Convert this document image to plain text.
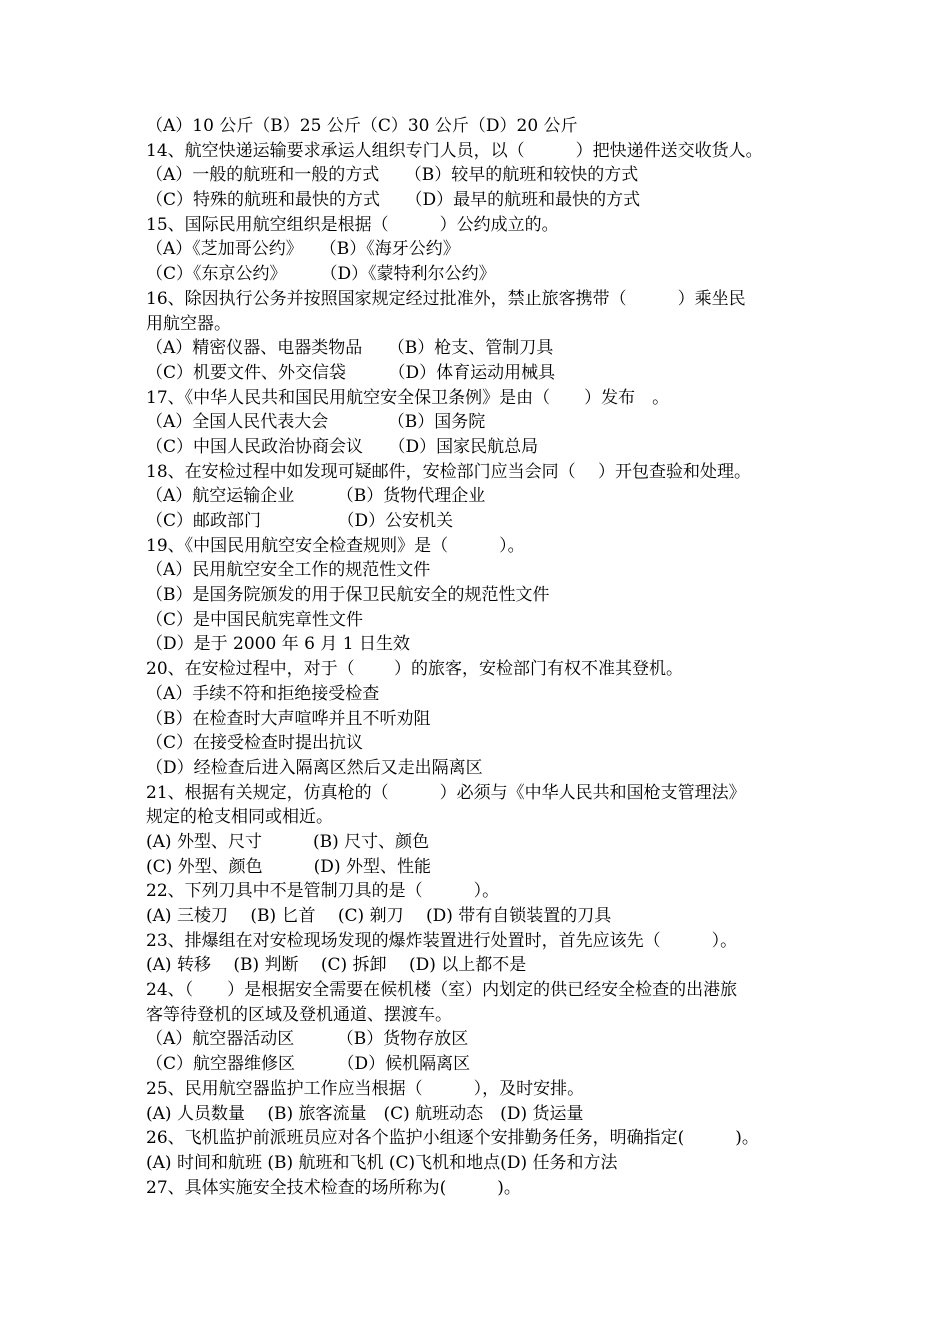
（A）10 公斤（B）25 公斤（C）30 公斤（D）20 公斤
14、航空快递运输要求承运人组织专门人员，以（　　　）把快递件送交收货人。
（A）一般的航班和一般的方式　　（B）较早的航班和较快的方式
（C）特殊的航班和最快的方式　　（D）最早的航班和最快的方式
15、国际民用航空组织是根据（　　　）公约成立的。
（A）《芝加哥公约》　　（B）《海牙公约》
（C）《东京公约》　　　（D）《蒙特利尔公约》
16、除因执行公务并按照国家规定经过批准外，禁止旅客携带（　　　）乘坐民
用航空器。
（A）精密仪器、电器类物品　　（B）枪支、管制刀具
（C）机要文件、外交信袋　　　（D）体育运动用械具
17、《中华人民共和国民用航空安全保卫条例》是由（　　）发布　。
（A）全国人民代表大会　　　　（B）国务院
（C）中国人民政治协商会议　　（D）国家民航总局
18、在安检过程中如发现可疑邮件，安检部门应当会同（　 ）开包查验和处理。
（A）航空运输企业　　　（B）货物代理企业
（C）邮政部门　　　　　（D）公安机关
19、《中国民用航空安全检查规则》是（　　　）。
（A）民用航空安全工作的规范性文件
（B）是国务院颁发的用于保卫民航安全的规范性文件
（C）是中国民航宪章性文件
（D）是于 2000 年 6 月 1 日生效
20、在安检过程中，对于（　　 ）的旅客，安检部门有权不准其登机。
（A）手续不符和拒绝接受检查
（B）在检查时大声喧哗并且不听劝阻
（C）在接受检查时提出抗议
（D）经检查后进入隔离区然后又走出隔离区
21、根据有关规定，仿真枪的（　　　）必须与《中华人民共和国枪支管理法》
规定的枪支相同或相近。
(A) 外型、尺寸　　　(B) 尺寸、颜色
(C) 外型、颜色　　　(D) 外型、性能
22、下列刀具中不是管制刀具的是（　　　）。
(A) 三棱刀　 (B) 匕首　 (C) 剃刀　 (D) 带有自锁装置的刀具
23、排爆组在对安检现场发现的爆炸装置进行处置时，首先应该先（　　　）。
(A) 转移　 (B) 判断　 (C) 拆卸　 (D) 以上都不是
24、（　　）是根据安全需要在候机楼（室）内划定的供已经安全检查的出港旅
客等待登机的区域及登机通道、摆渡车。
（A）航空器活动区　　　（B）货物存放区
（C）航空器维修区　　　（D）候机隔离区
25、民用航空器监护工作应当根据（　　　），及时安排。
(A) 人员数量　 (B) 旅客流量　(C) 航班动态　(D) 货运量
26、飞机监护前派班员应对各个监护小组逐个安排勤务任务，明确指定(　　　)。
(A) 时间和航班 (B) 航班和飞机 (C)飞机和地点(D) 任务和方法
27、具体实施安全技术检查的场所称为(　　　)。
